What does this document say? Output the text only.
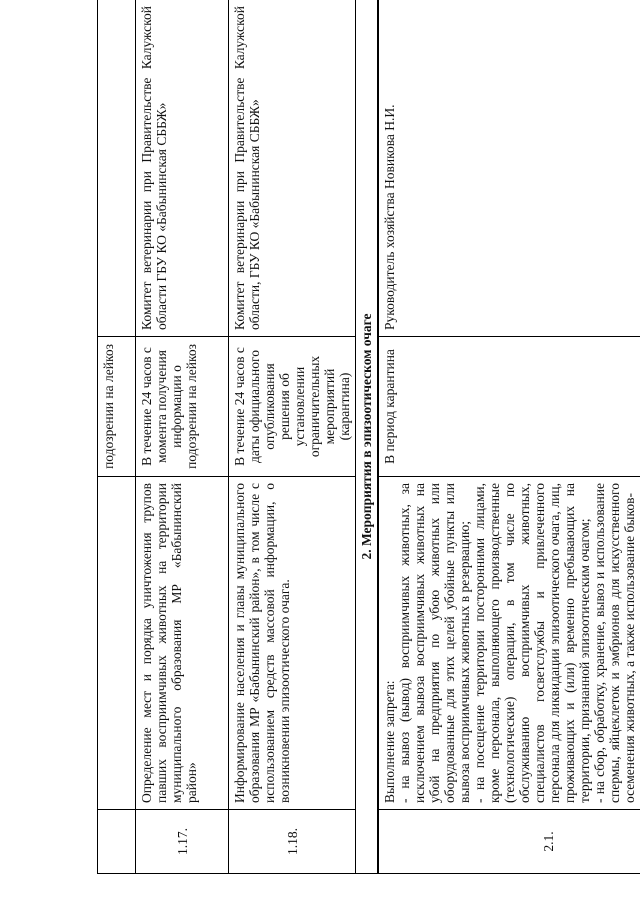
		подозрении на лейкоз	
1.17.	Определение мест и порядка уничтожения трупов павших восприимчивых животных на территории муниципального образования МР «Бабынинский район»	В течение 24 часов с момента получения информации о подозрении на лейкоз	Комитет ветеринарии при Правительстве Калужской области ГБУ КО «Бабынинская СББЖ»
1.18.	Информирование населения и главы муниципального образования МР «Бабынинский район», в том числе с использованием средств массовой информации, о возникновении эпизоотического очага.	В течение 24 часов с даты официального опубликования решения об установлении ограничительных мероприятий (карантина)	Комитет ветеринарии при Правительстве Калужской области, ГБУ КО «Бабынинская СББЖ»
2. Мероприятия в эпизоотическом очаге			
2.1.	Выполнение запрета: - на вывоз (вывод) восприимчивых животных, за исключением вывоза восприимчивых животных на убой на предприятия по убою животных или оборудованные для этих целей убойные пункты или вывоза восприимчивых животных в резервацию; - на посещение территории посторонними лицами, кроме персонала, выполняющего производственные (технологические) операции, в том числе по обслуживанию восприимчивых животных, специалистов госветслужбы и привлеченного персонала для ликвидации эпизоотического очага, лиц, проживающих и (или) временно пребывающих на территории, признанной эпизоотическим очагом; - на сбор, обработку, хранение, вывоз и использование спермы, яйцеклеток и эмбрионов для искусственного осеменения животных, а также использование быков-	В период карантина	Руководитель хозяйства Новикова Н.И.
